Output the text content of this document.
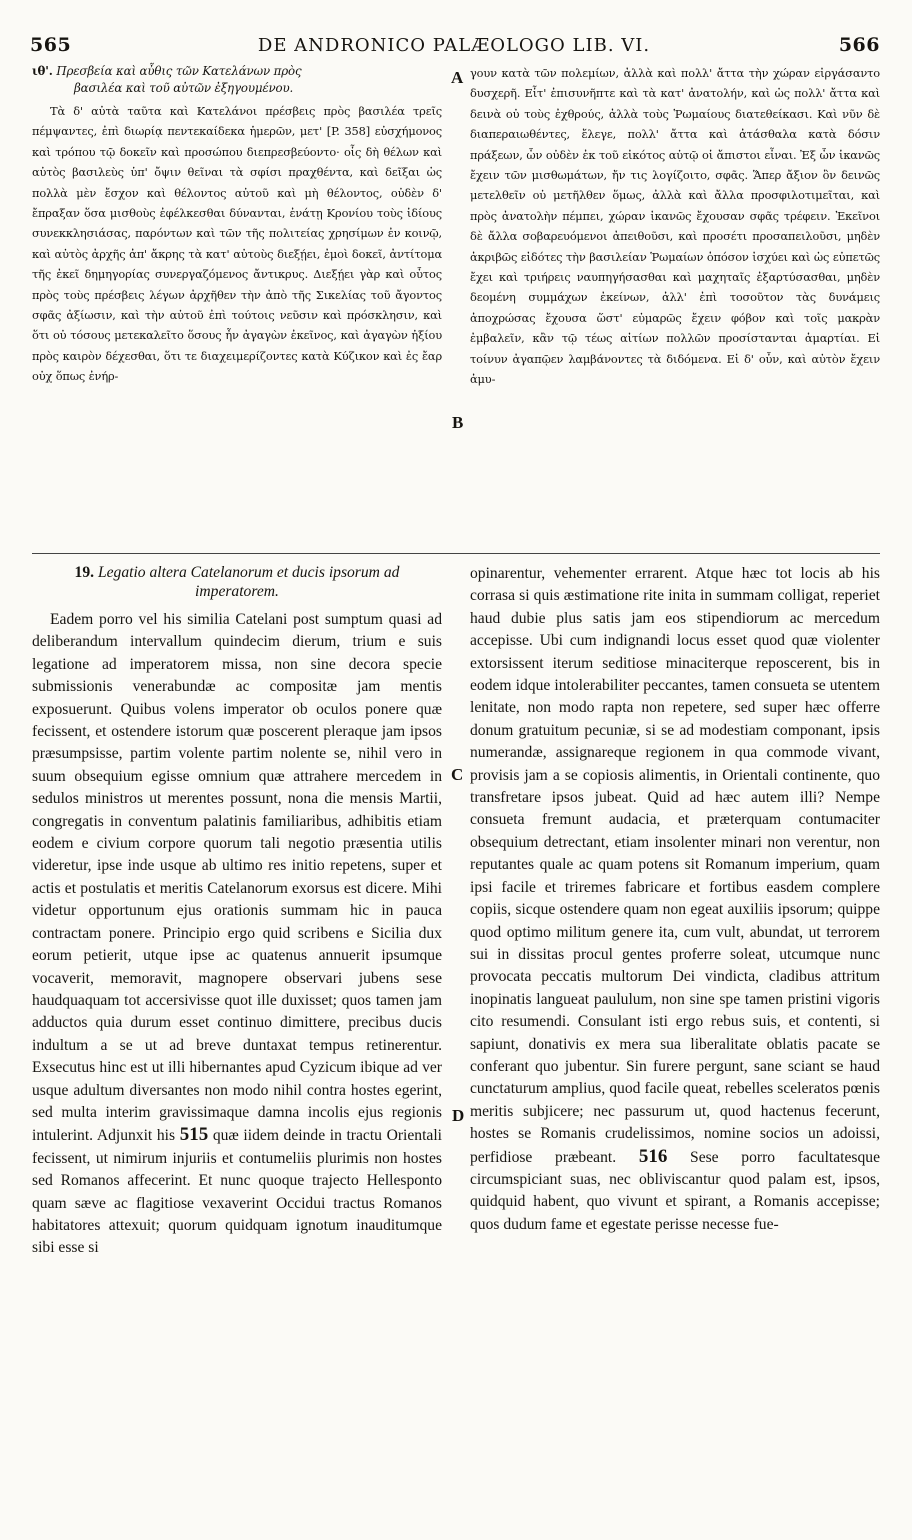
565	DE ANDRONICO PALÆOLOGO LIB. VI.	566
A
B
C
D
ιθ'. Πρεσβεία καὶ αὖθις τῶν Κατελάνων πρὸς
βασιλέα καὶ τοῦ αὐτῶν ἐξηγουμένου.

Τὰ δ' αὐτὰ ταῦτα καὶ Κατελάνοι πρέσβεις πρὸς βασιλέα τρεῖς πέμψαντες, ἐπὶ διωρίᾳ πεντεκαίδεκα ἡμερῶν, μετ' [P. 358] εὐσχήμονος καὶ τρόπου τῷ δοκεῖν καὶ προσώπου διεπρεσβεύοντο· οἷς δὴ θέλων καὶ αὐτὸς βασιλεὺς ὑπ' ὄψιν θεῖναι τὰ σφίσι πραχθέντα, καὶ δεῖξαι ὡς πολλὰ μὲν ἔσχον καὶ θέλοντος αὐτοῦ καὶ μὴ θέλοντος, οὐδὲν δ' ἔπραξαν ὅσα μισθοὺς ἐφέλκεσθαι δύνανται, ἐνάτῃ Κρονίου τοὺς ἰδίους συνεκκλησιάσας, παρόντων καὶ τῶν τῆς πολιτείας χρησίμων ἐν κοινῷ, καὶ αὐτὸς ἀρχῆς ἀπ' ἄκρης τὰ κατ' αὐτοὺς διεξῄει, ἐμοὶ δοκεῖ, ἀντίτομα τῆς ἐκεῖ δημηγορίας συνεργαζόμενος ἄντικρυς. Διεξῄει γὰρ καὶ οὗτος πρὸς τοὺς πρέσβεις λέγων ἀρχῆθεν τὴν ἀπὸ τῆς Σικελίας τοῦ ἄγοντος σφᾶς ἀξίωσιν, καὶ τὴν αὐτοῦ ἐπὶ τούτοις νεῦσιν καὶ πρόσκλησιν, καὶ ὅτι οὐ τόσους μετεκαλεῖτο ὅσους ἦν ἀγαγὼν ἐκεῖνος, καὶ ἀγαγὼν ἠξίου πρὸς καιρὸν δέχεσθαι, ὅτι τε διαχειμερίζοντες κατὰ Κύζικον καὶ ἐς ἔαρ οὐχ ὅπως ἐνήρ-

γουν κατὰ τῶν πολεμίων, ἀλλὰ καὶ πολλ' ἄττα τὴν χώραν εἰργάσαντο δυσχερῆ. Εἶτ' ἐπισυνῆπτε καὶ τὰ κατ' ἀνατολήν, καὶ ὡς πολλ' ἄττα καὶ δεινὰ οὐ τοὺς ἐχθρούς, ἀλλὰ τοὺς Ῥωμαίους διατεθείκασι. Καὶ νῦν δὲ διαπεραιωθέντες, ἔλεγε, πολλ' ἄττα καὶ ἀτάσθαλα κατὰ δόσιν πράξεων, ὧν οὐδὲν ἐκ τοῦ εἰκότος αὐτῷ οἱ ἄπιστοι εἶναι. Ἐξ ὧν ἱκανῶς ἔχειν τῶν μισθωμάτων, ἤν τις λογίζοιτο, σφᾶς. Ἅπερ ἄξιον ὂν δεινῶς μετελθεῖν οὐ μετῆλθεν ὅμως, ἀλλὰ καὶ ἄλλα προσφιλοτιμεῖται, καὶ πρὸς ἀνατολὴν πέμπει, χώραν ἱκανῶς ἔχουσαν σφᾶς τρέφειν. Ἐκεῖνοι δὲ ἄλλα σοβαρευόμενοι ἀπειθοῦσι, καὶ προσέτι προσαπειλοῦσι, μηδὲν ἀκριβῶς εἰδότες τὴν βασιλείαν Ῥωμαίων ὁπόσον ἰσχύει καὶ ὡς εὐπετῶς ἔχει καὶ τριήρεις ναυπηγήσασθαι καὶ μαχηταῖς ἐξαρτύσασθαι, μηδὲν δεομένη συμμάχων ἐκείνων, ἀλλ' ἐπὶ τοσοῦτον τὰς δυνάμεις ἀποχρώσας ἔχουσα ὥστ' εὐμαρῶς ἔχειν φόβον καὶ τοῖς μακρὰν ἐμβαλεῖν, κἂν τῷ τέως αἰτίων πολλῶν προσίστανται ἁμαρτίαι. Εἰ τοίνυν ἀγαπῷεν λαμβάνοντες τὰ διδόμενα. Εἰ δ' οὖν, καὶ αὐτὸν ἔχειν ἀμυ-

19. Legatio altera Catelanorum et ducis ipsorum ad imperatorem.

Eadem porro vel his similia Catelani post sumptum quasi ad deliberandum intervallum quindecim dierum, trium e suis legatione ad imperatorem missa, non sine decora specie submissionis venerabundæ ac compositæ jam mentis exposuerunt. Quibus volens imperator ob oculos ponere quæ fecissent, et ostendere istorum quæ poscerent pleraque jam ipsos præsumpsisse, partim volente partim nolente se, nihil vero in suum obsequium egisse omnium quæ attrahere mercedem in sedulos ministros ut merentes possunt, nona die mensis Martii, congregatis in conventum palatinis familiaribus, adhibitis etiam eodem e civium corpore quorum tali negotio præsentia utilis videretur, ipse inde usque ab ultimo res initio repetens, super et actis et postulatis et meritis Catelanorum exorsus est dicere. Mihi videtur opportunum ejus orationis summam hic in pauca contractam ponere. Principio ergo quid scribens e Sicilia dux eorum petierit, utque ipse ac quatenus annuerit ipsumque vocaverit, memoravit, magnopere observari jubens sese haudquaquam tot accersivisse quot ille duxisset; quos tamen jam adductos quia durum esset continuo dimittere, precibus ducis indultum a se ut ad breve duntaxat tempus retinerentur. Exsecutus hinc est ut illi hibernantes apud Cyzicum ibique ad ver usque adultum diversantes non modo nihil contra hostes egerint, sed multa interim gravissimaque damna incolis ejus regionis intulerint. Adjunxit his 515 quæ iidem deinde in tractu Orientali fecissent, ut nimirum injuriis et contumeliis plurimis non hostes sed Romanos affecerint. Et nunc quoque trajecto Hellesponto quam sæve ac flagitiose vexaverint Occidui tractus Romanos habitatores attexuit; quorum quidquam ignotum inauditumque sibi esse si

opinarentur, vehementer errarent. Atque hæc tot locis ab his corrasa si quis æstimatione rite inita in summam colligat, reperiet haud dubie plus satis jam eos stipendiorum ac mercedum accepisse. Ubi cum indignandi locus esset quod quæ violenter extorsissent iterum seditiose minaciterque reposcerent, bis in eodem idque intolerabiliter peccantes, tamen consueta se utentem lenitate, non modo rapta non repetere, sed super hæc offerre donum gratuitum pecuniæ, si se ad modestiam componant, ipsis numerandæ, assignareque regionem in qua commode vivant, provisis jam a se copiosis alimentis, in Orientali continente, quo transfretare ipsos jubeat. Quid ad hæc autem illi? Nempe consueta fremunt audacia, et præterquam contumaciter obsequium detrectant, etiam insolenter minari non verentur, non reputantes quale ac quam potens sit Romanum imperium, quam ipsi facile et triremes fabricare et fortibus easdem complere copiis, sicque ostendere quam non egeat auxiliis ipsorum; quippe quod optimo militum genere ita, cum vult, abundat, ut terrorem sui in dissitas procul gentes proferre soleat, utcumque nunc provocata peccatis multorum Dei vindicta, cladibus attritum inopinatis langueat paululum, non sine spe tamen pristini vigoris cito resumendi. Consulant isti ergo rebus suis, et contenti, si sapiunt, donativis ex mera sua liberalitate oblatis pacate se conferant quo jubentur. Sin furere pergunt, sane sciant se haud cunctaturum amplius, quod facile queat, rebelles sceleratos pœnis meritis subjicere; nec passurum ut, quod hactenus fecerunt, hostes se Romanis crudelissimos, nomine socios un adoissi, perfidiose præbeant. 516 Sese porro facultatesque circumspiciant suas, nec obliviscantur quod palam est, ipsos, quidquid habent, quo vivunt et spirant, a Romanis accepisse; quos dudum fame et egestate perisse necesse fue-
